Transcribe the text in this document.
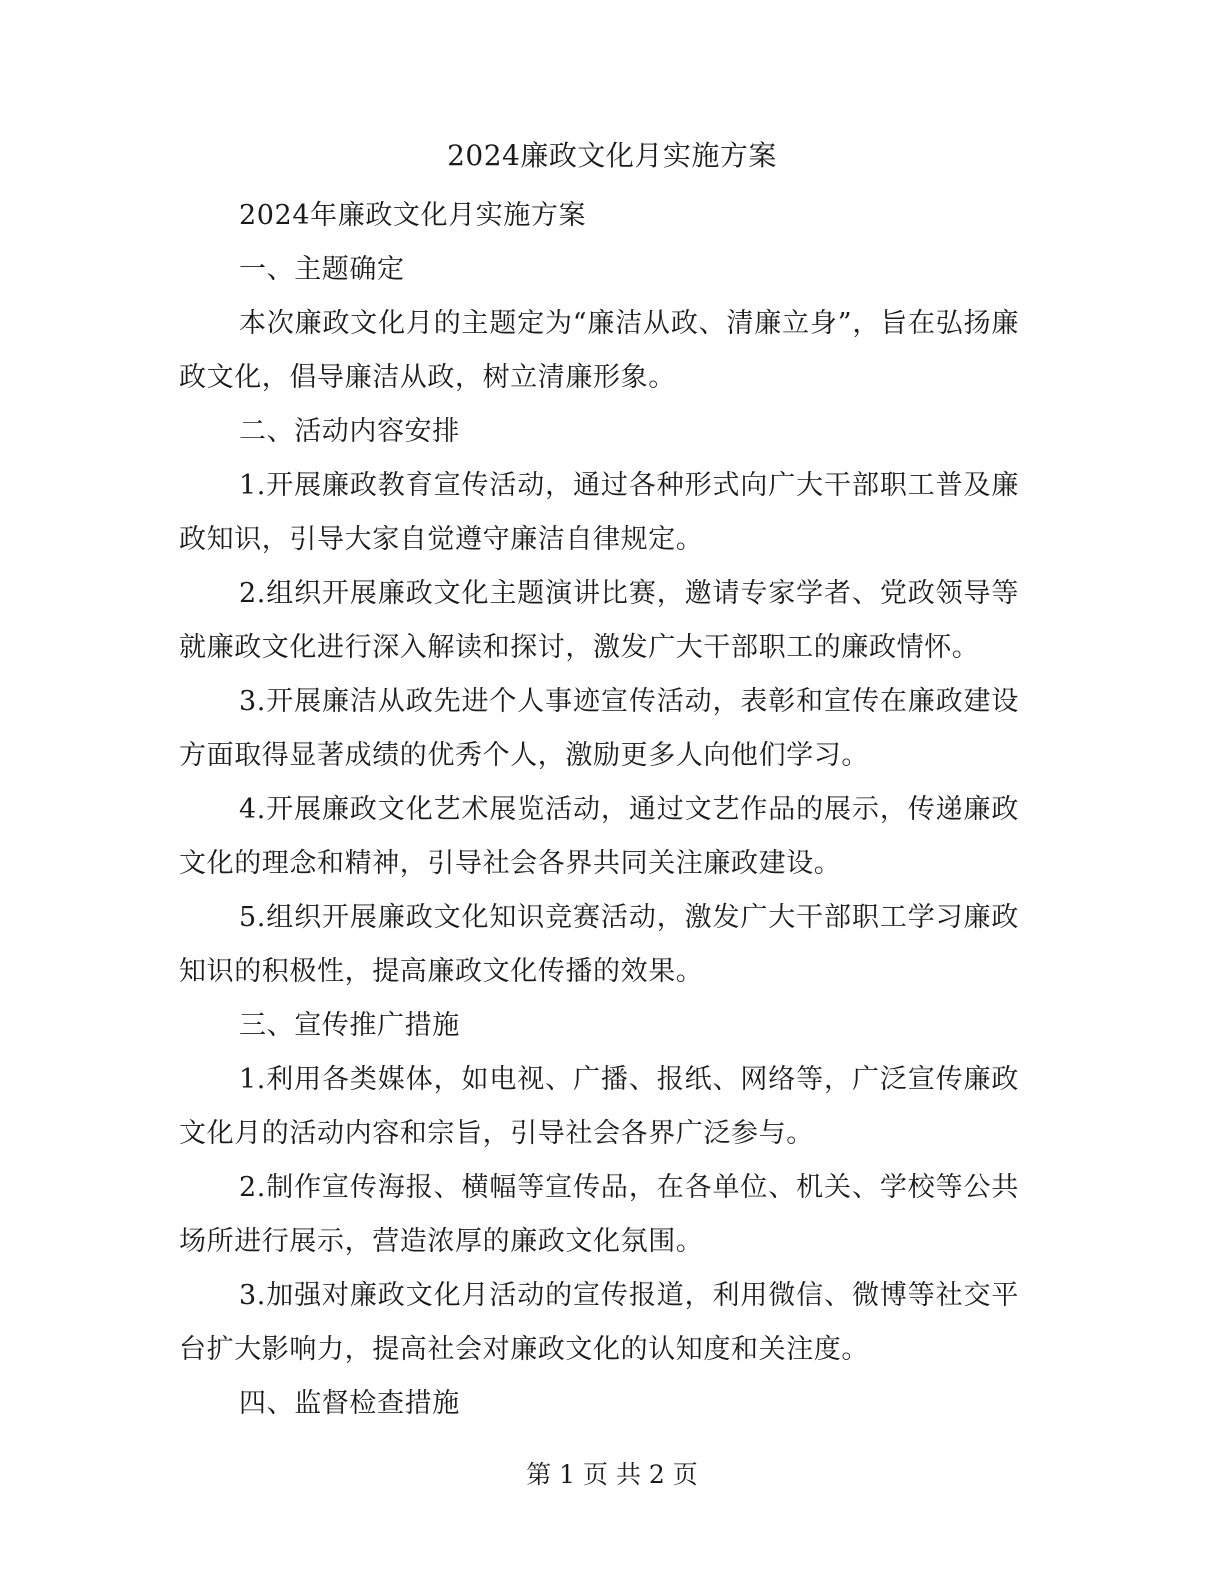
2024廉政文化月实施方案

2024年廉政文化月实施方案

一、主题确定

本次廉政文化月的主题定为“廉洁从政、清廉立身”，旨在弘扬廉政文化，倡导廉洁从政，树立清廉形象。

二、活动内容安排

1.开展廉政教育宣传活动，通过各种形式向广大干部职工普及廉政知识，引导大家自觉遵守廉洁自律规定。

2.组织开展廉政文化主题演讲比赛，邀请专家学者、党政领导等就廉政文化进行深入解读和探讨，激发广大干部职工的廉政情怀。

3.开展廉洁从政先进个人事迹宣传活动，表彰和宣传在廉政建设方面取得显著成绩的优秀个人，激励更多人向他们学习。

4.开展廉政文化艺术展览活动，通过文艺作品的展示，传递廉政文化的理念和精神，引导社会各界共同关注廉政建设。

5.组织开展廉政文化知识竞赛活动，激发广大干部职工学习廉政知识的积极性，提高廉政文化传播的效果。

三、宣传推广措施

1.利用各类媒体，如电视、广播、报纸、网络等，广泛宣传廉政文化月的活动内容和宗旨，引导社会各界广泛参与。

2.制作宣传海报、横幅等宣传品，在各单位、机关、学校等公共场所进行展示，营造浓厚的廉政文化氛围。

3.加强对廉政文化月活动的宣传报道，利用微信、微博等社交平台扩大影响力，提高社会对廉政文化的认知度和关注度。

四、监督检查措施

第 1 页 共 2 页
